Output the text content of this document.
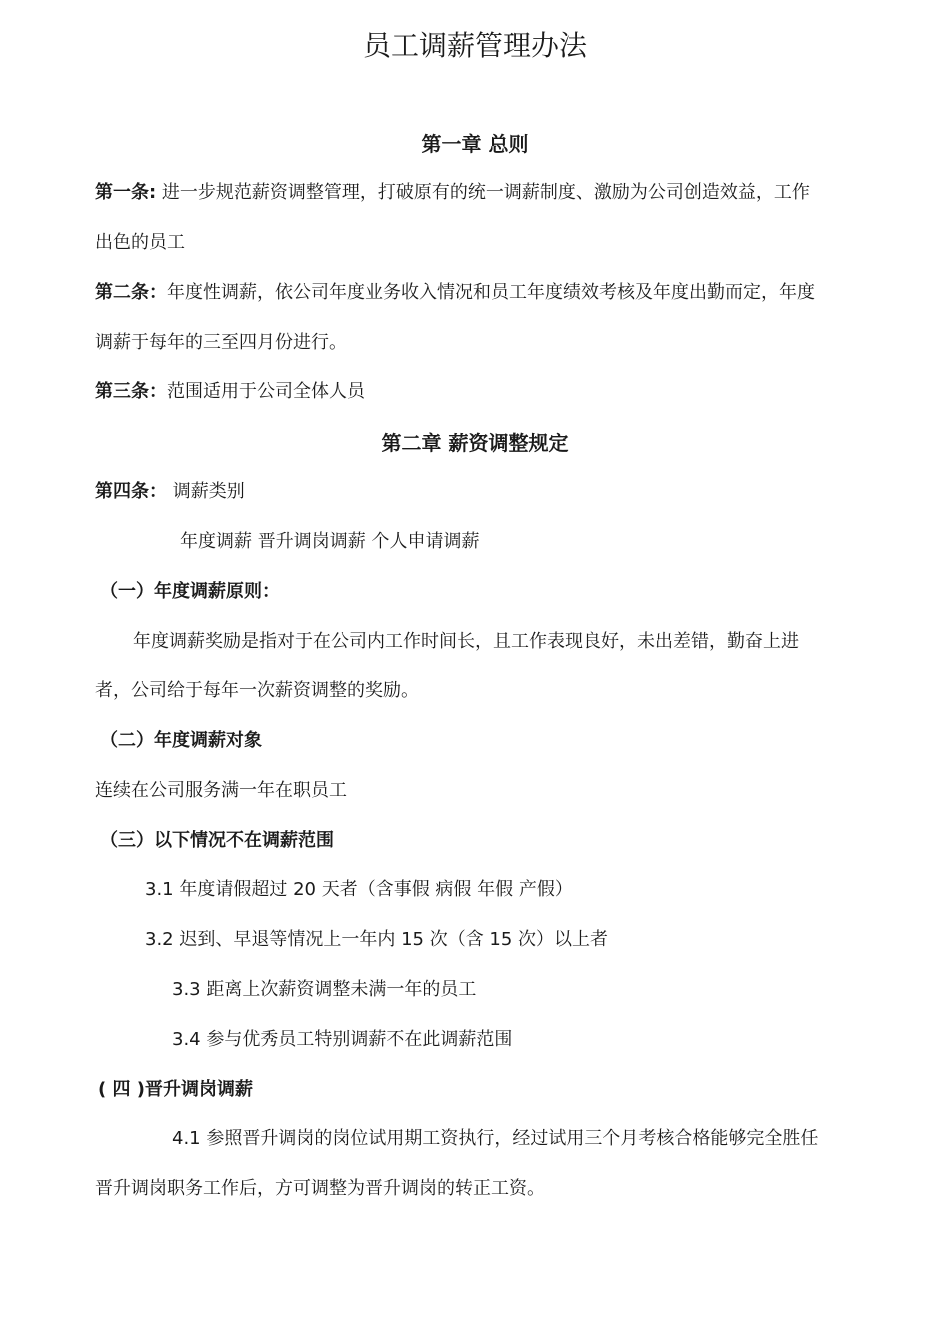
员工调薪管理办法
第一章 总则

第一条: 进一步规范薪资调整管理，打破原有的统一调薪制度、激励为公司创造效益，工作

出色的员工

第二条：年度性调薪，依公司年度业务收入情况和员工年度绩效考核及年度出勤而定，年度

调薪于每年的三至四月份进行。

第三条：范围适用于公司全体人员

第二章 薪资调整规定

第四条： 调薪类别

年度调薪 晋升调岗调薪 个人申请调薪

（一）年度调薪原则：

年度调薪奖励是指对于在公司内工作时间长，且工作表现良好，未出差错，勤奋上进

者，公司给于每年一次薪资调整的奖励。

（二）年度调薪对象

连续在公司服务满一年在职员工

（三）以下情况不在调薪范围

3.1 年度请假超过 20 天者（含事假 病假 年假 产假）

3.2 迟到、早退等情况上一年内 15 次（含 15 次）以上者

3.3 距离上次薪资调整未满一年的员工

3.4 参与优秀员工特别调薪不在此调薪范围

( 四 )晋升调岗调薪

4.1 参照晋升调岗的岗位试用期工资执行，经过试用三个月考核合格能够完全胜任

晋升调岗职务工作后，方可调整为晋升调岗的转正工资。
